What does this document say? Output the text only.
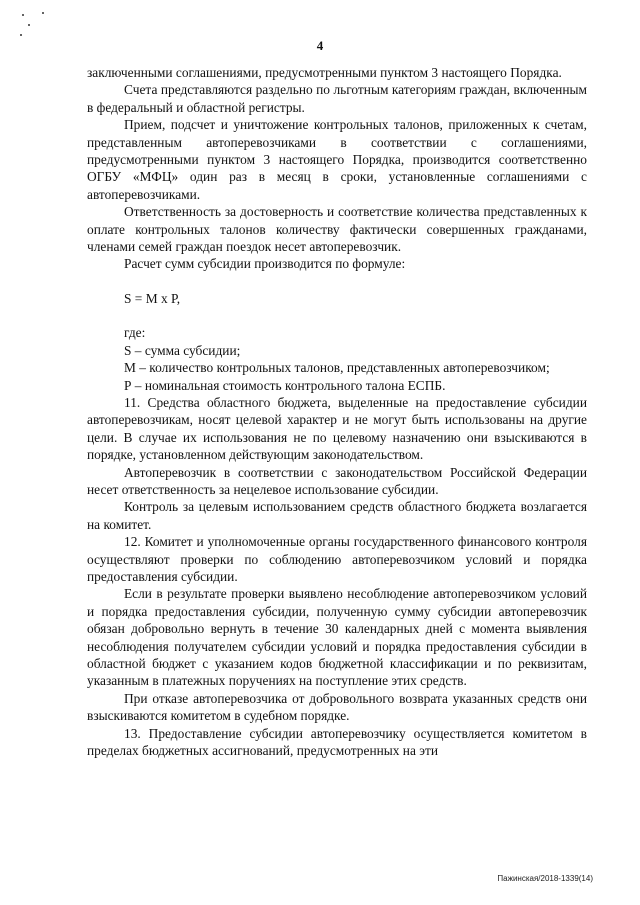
4

заключенными соглашениями, предусмотренными пунктом 3 настоящего Порядка.

Счета представляются раздельно по льготным категориям граждан, включенным в федеральный и областной регистры.

Прием, подсчет и уничтожение контрольных талонов, приложенных к счетам, представленным автоперевозчиками в соответствии с соглашениями, предусмотренными пунктом 3 настоящего Порядка, производится соответственно ОГБУ «МФЦ» один раз в месяц в сроки, установленные соглашениями с автоперевозчиками.

Ответственность за достоверность и соответствие количества представленных к оплате контрольных талонов количеству фактически совершенных гражданами, членами семей граждан поездок несет автоперевозчик.

Расчет сумм субсидии производится по формуле:

S = М х Р,

где:

S – сумма субсидии;

М – количество контрольных талонов, представленных автоперевозчиком;

Р – номинальная стоимость контрольного талона ЕСПБ.

11. Средства областного бюджета, выделенные на предоставление субсидии автоперевозчикам, носят целевой характер и не могут быть использованы на другие цели. В случае их использования не по целевому назначению они взыскиваются в порядке, установленном действующим законодательством.

Автоперевозчик в соответствии с законодательством Российской Федерации несет ответственность за нецелевое использование субсидии.

Контроль за целевым использованием средств областного бюджета возлагается на комитет.

12. Комитет и уполномоченные органы государственного финансового контроля осуществляют проверки по соблюдению автоперевозчиком условий и порядка предоставления субсидии.

Если в результате проверки выявлено несоблюдение автоперевозчиком условий и порядка предоставления субсидии, полученную сумму субсидии автоперевозчик обязан добровольно вернуть в течение 30 календарных дней с момента выявления несоблюдения получателем субсидии условий и порядка предоставления субсидии в областной бюджет с указанием кодов бюджетной классификации и по реквизитам, указанным в платежных поручениях на поступление этих средств.

При отказе автоперевозчика от добровольного возврата указанных средств они взыскиваются комитетом в судебном порядке.

13. Предоставление субсидии автоперевозчику осуществляется комитетом в пределах бюджетных ассигнований, предусмотренных на эти

Пажинская/2018-1339(14)
